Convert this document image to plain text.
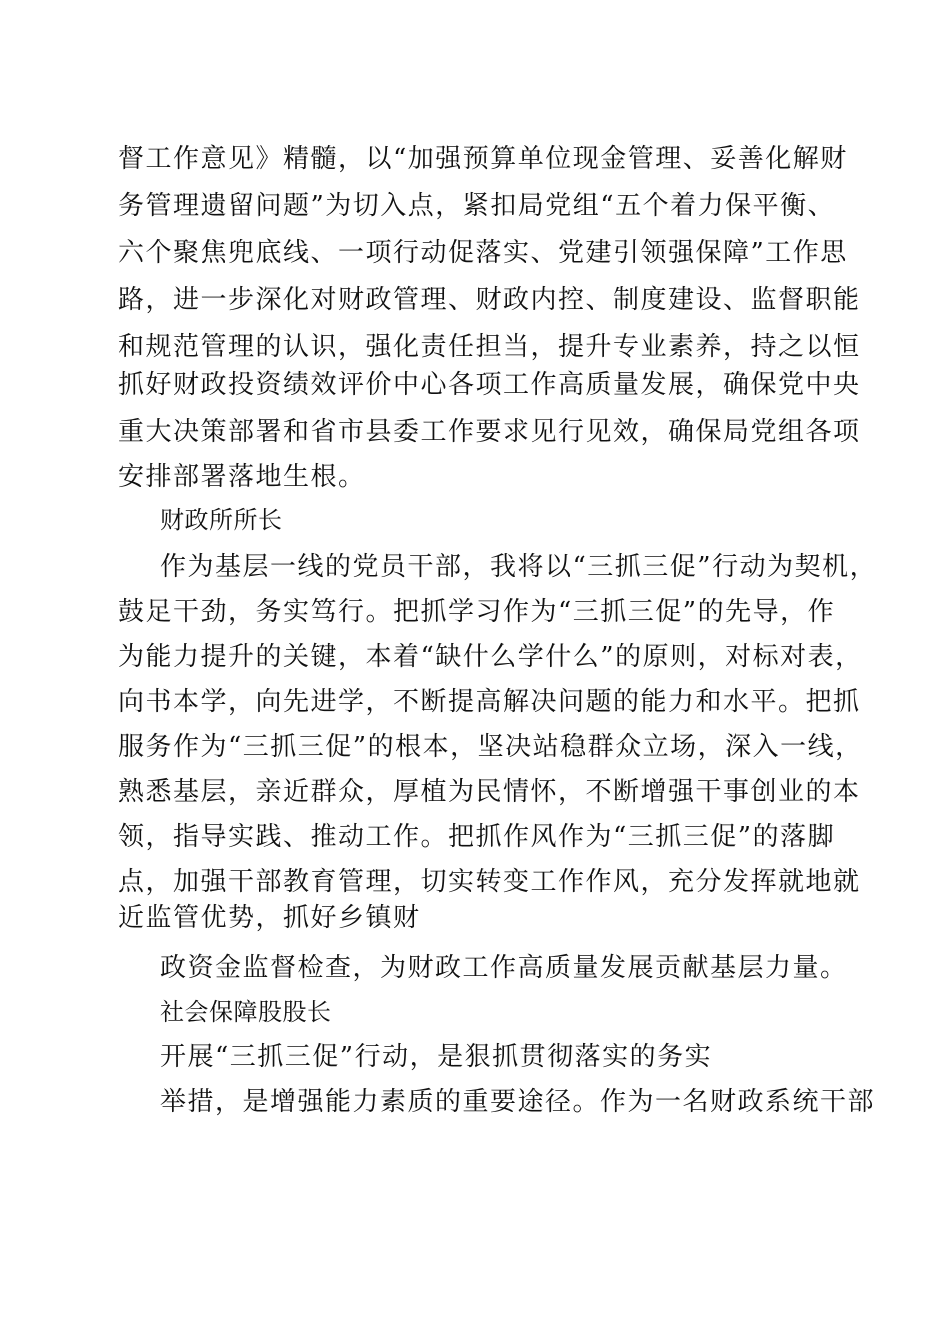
督工作意见》精髓，以“加强预算单位现金管理、妥善化解财
务管理遗留问题”为切入点，紧扣局党组“五个着力保平衡、
六个聚焦兜底线、一项行动促落实、党建引领强保障”工作思
路，进一步深化对财政管理、财政内控、制度建设、监督职能
和规范管理的认识，强化责任担当，提升专业素养，持之以恒
抓好财政投资绩效评价中心各项工作高质量发展，确保党中央
重大决策部署和省市县委工作要求见行见效，确保局党组各项
安排部署落地生根。
财政所所长
作为基层一线的党员干部，我将以“三抓三促”行动为契机，
鼓足干劲，务实笃行。把抓学习作为“三抓三促”的先导，作
为能力提升的关键，本着“缺什么学什么”的原则，对标对表，
向书本学，向先进学，不断提高解决问题的能力和水平。把抓
服务作为“三抓三促”的根本，坚决站稳群众立场，深入一线，
熟悉基层，亲近群众，厚植为民情怀，不断增强干事创业的本
领，指导实践、推动工作。把抓作风作为“三抓三促”的落脚
点，加强干部教育管理，切实转变工作作风，充分发挥就地就
近监管优势，抓好乡镇财
政资金监督检查，为财政工作高质量发展贡献基层力量。
社会保障股股长
开展“三抓三促”行动，是狠抓贯彻落实的务实
举措，是增强能力素质的重要途径。作为一名财政系统干部
